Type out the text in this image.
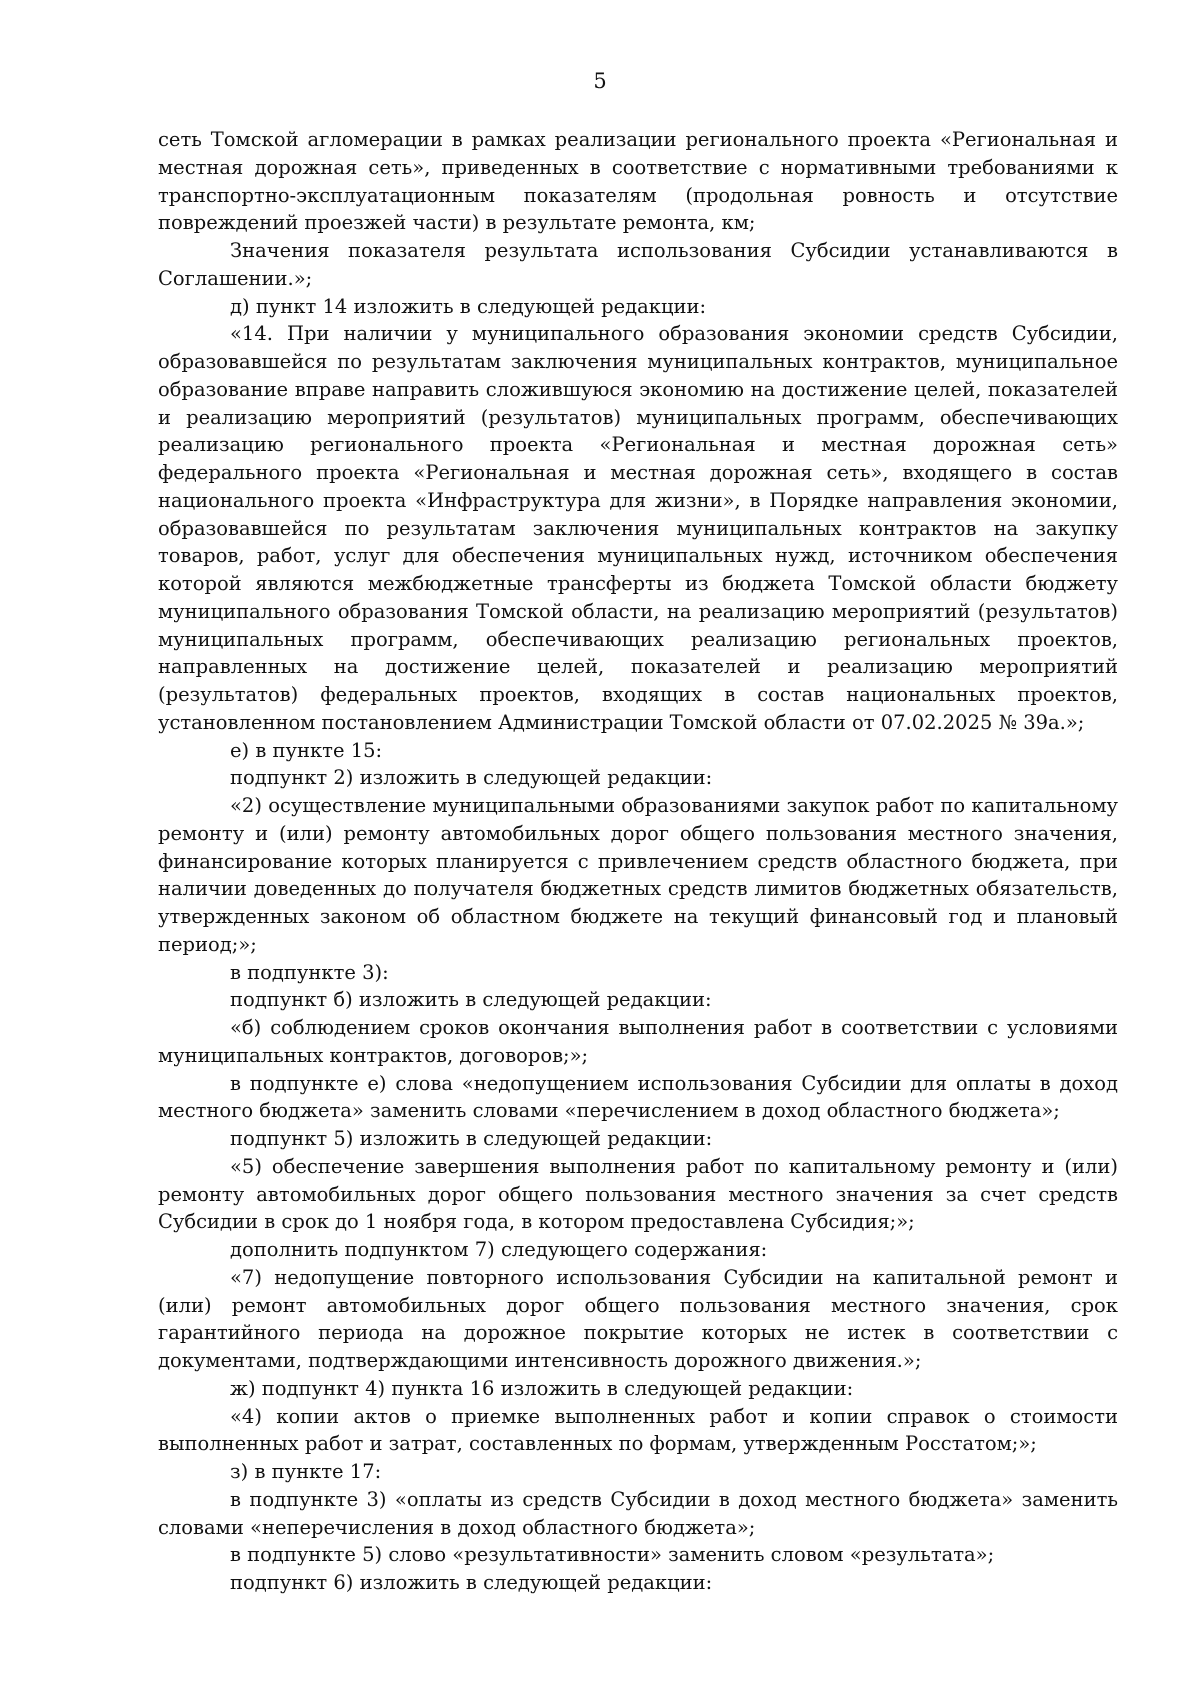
5

сеть Томской агломерации в рамках реализации регионального проекта «Региональная и местная дорожная сеть», приведенных в соответствие с нормативными требованиями к транспортно-эксплуатационным показателям (продольная ровность и отсутствие повреждений проезжей части) в результате ремонта, км;

Значения показателя результата использования Субсидии устанавливаются в Соглашении.»;

д) пункт 14 изложить в следующей редакции:

«14. При наличии у муниципального образования экономии средств Субсидии, образовавшейся по результатам заключения муниципальных контрактов, муниципальное образование вправе направить сложившуюся экономию на достижение целей, показателей и реализацию мероприятий (результатов) муниципальных программ, обеспечивающих реализацию регионального проекта «Региональная и местная дорожная сеть» федерального проекта «Региональная и местная дорожная сеть», входящего в состав национального проекта «Инфраструктура для жизни», в Порядке направления экономии, образовавшейся по результатам заключения муниципальных контрактов на закупку товаров, работ, услуг для обеспечения муниципальных нужд, источником обеспечения которой являются межбюджетные трансферты из бюджета Томской области бюджету муниципального образования Томской области, на реализацию мероприятий (результатов) муниципальных программ, обеспечивающих реализацию региональных проектов, направленных на достижение целей, показателей и реализацию мероприятий (результатов) федеральных проектов, входящих в состав национальных проектов, установленном постановлением Администрации Томской области от 07.02.2025 № 39а.»;

е) в пункте 15:

подпункт 2) изложить в следующей редакции:

«2) осуществление муниципальными образованиями закупок работ по капитальному ремонту и (или) ремонту автомобильных дорог общего пользования местного значения, финансирование которых планируется с привлечением средств областного бюджета, при наличии доведенных до получателя бюджетных средств лимитов бюджетных обязательств, утвержденных законом об областном бюджете на текущий финансовый год и плановый период;»;

в подпункте 3):

подпункт б) изложить в следующей редакции:

«б) соблюдением сроков окончания выполнения работ в соответствии с условиями муниципальных контрактов, договоров;»;

в подпункте е) слова «недопущением использования Субсидии для оплаты в доход местного бюджета» заменить словами «перечислением в доход областного бюджета»;

подпункт 5) изложить в следующей редакции:

«5) обеспечение завершения выполнения работ по капитальному ремонту и (или) ремонту автомобильных дорог общего пользования местного значения за счет средств Субсидии в срок до 1 ноября года, в котором предоставлена Субсидия;»;

дополнить подпунктом 7) следующего содержания:

«7) недопущение повторного использования Субсидии на капитальной ремонт и (или) ремонт автомобильных дорог общего пользования местного значения, срок гарантийного периода на дорожное покрытие которых не истек в соответствии с документами, подтверждающими интенсивность дорожного движения.»;

ж) подпункт 4) пункта 16 изложить в следующей редакции:

«4) копии актов о приемке выполненных работ и копии справок о стоимости выполненных работ и затрат, составленных по формам, утвержденным Росстатом;»;

з) в пункте 17:

в подпункте 3) «оплаты из средств Субсидии в доход местного бюджета» заменить словами «неперечисления в доход областного бюджета»;

в подпункте 5) слово «результативности» заменить словом «результата»;

подпункт 6) изложить в следующей редакции:
